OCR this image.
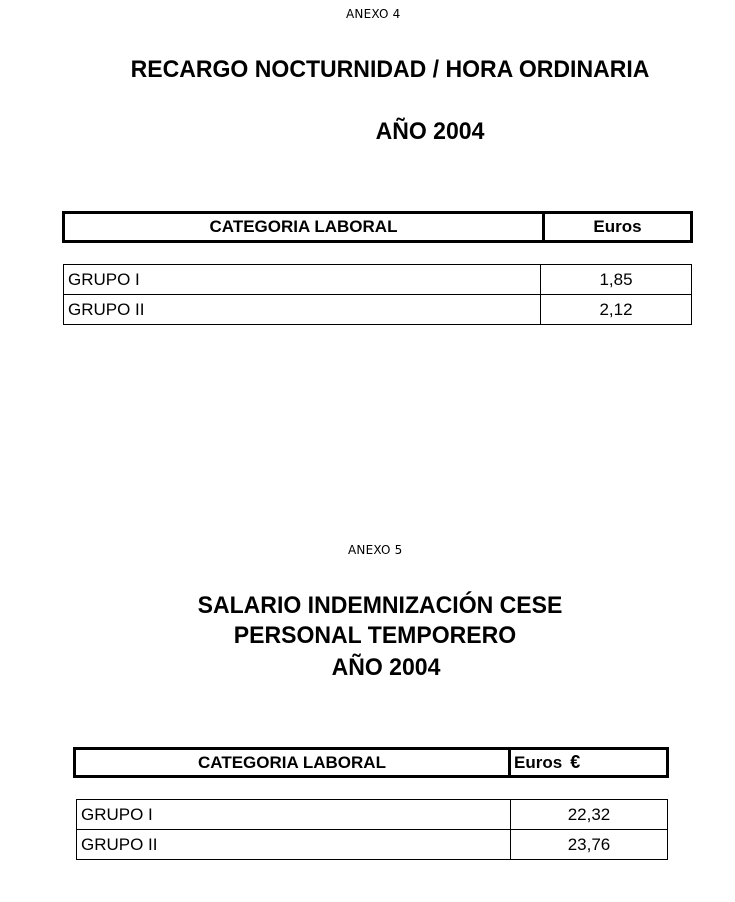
ANEXO 4
RECARGO NOCTURNIDAD / HORA ORDINARIA
AÑO 2004
CATEGORIA LABORAL	Euros
GRUPO I	1,85
GRUPO II	2,12
ANEXO 5
SALARIO INDEMNIZACIÓN CESE
PERSONAL TEMPORERO
AÑO 2004
CATEGORIA LABORAL	Euros €
GRUPO I	22,32
GRUPO II	23,76
